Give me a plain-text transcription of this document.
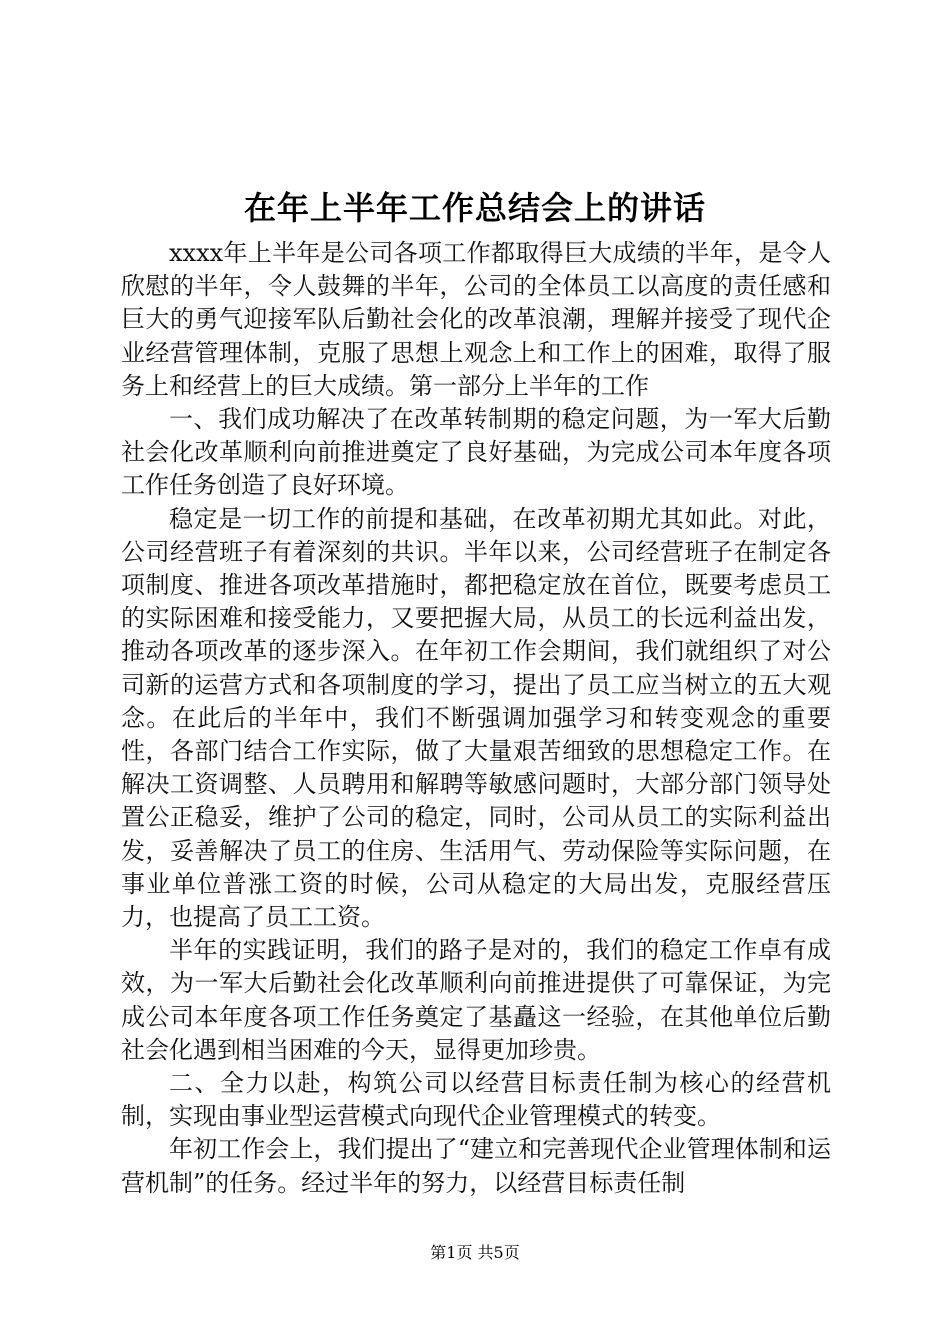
在年上半年工作总结会上的讲话

xxxx年上半年是公司各项工作都取得巨大成绩的半年，是令人欣慰的半年，令人鼓舞的半年，公司的全体员工以高度的责任感和巨大的勇气迎接军队后勤社会化的改革浪潮，理解并接受了现代企业经营管理体制，克服了思想上观念上和工作上的困难，取得了服务上和经营上的巨大成绩。第一部分上半年的工作

一、我们成功解决了在改革转制期的稳定问题，为一军大后勤社会化改革顺利向前推进奠定了良好基础，为完成公司本年度各项工作任务创造了良好环境。

稳定是一切工作的前提和基础，在改革初期尤其如此。对此，公司经营班子有着深刻的共识。半年以来，公司经营班子在制定各项制度、推进各项改革措施时，都把稳定放在首位，既要考虑员工的实际困难和接受能力，又要把握大局，从员工的长远利益出发，推动各项改革的逐步深入。在年初工作会期间，我们就组织了对公司新的运营方式和各项制度的学习，提出了员工应当树立的五大观念。在此后的半年中，我们不断强调加强学习和转变观念的重要性，各部门结合工作实际，做了大量艰苦细致的思想稳定工作。在解决工资调整、人员聘用和解聘等敏感问题时，大部分部门领导处置公正稳妥，维护了公司的稳定，同时，公司从员工的实际利益出发，妥善解决了员工的住房、生活用气、劳动保险等实际问题，在事业单位普涨工资的时候，公司从稳定的大局出发，克服经营压力，也提高了员工工资。

半年的实践证明，我们的路子是对的，我们的稳定工作卓有成效，为一军大后勤社会化改革顺利向前推进提供了可靠保证，为完成公司本年度各项工作任务奠定了基矗这一经验，在其他单位后勤社会化遇到相当困难的今天，显得更加珍贵。

二、全力以赴，构筑公司以经营目标责任制为核心的经营机制，实现由事业型运营模式向现代企业管理模式的转变。

年初工作会上，我们提出了“建立和完善现代企业管理体制和运营机制”的任务。经过半年的努力，以经营目标责任制

第1页 共5页
